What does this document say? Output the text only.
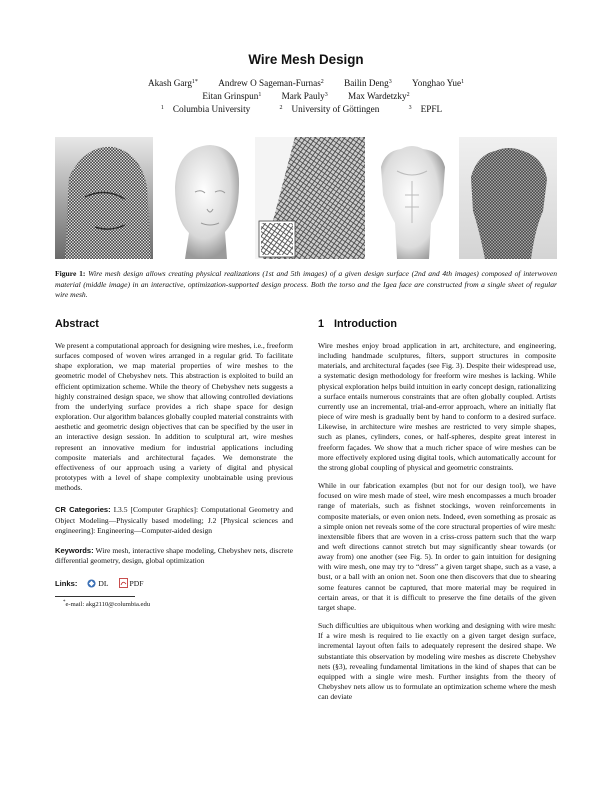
Wire Mesh Design
Akash Garg$^{1*}$ Andrew O Sageman-Furnas$^2$ Bailin Deng$^3$ Yonghao Yue$^1$
Eitan Grinspun$^1$ Mark Pauly$^3$ Max Wardetzky$^2$
$^1$ Columbia University	$^2$ University of Göttingen	$^3$ EPFL
Figure 1: Wire mesh design allows creating physical realizations (1st and 5th images) of a given design surface (2nd and 4th images) composed of interwoven material (middle image) in an interactive, optimization-supported design process. Both the torso and the Igea face are constructed from a single sheet of regular wire mesh.
Abstract

We present a computational approach for designing wire meshes, i.e., freeform surfaces composed of woven wires arranged in a regular grid. To facilitate shape exploration, we map material properties of wire meshes to the geometric model of Chebyshev nets. This abstraction is exploited to build an efficient optimization scheme. While the theory of Chebyshev nets suggests a highly constrained design space, we show that allowing controlled deviations from the underlying surface provides a rich shape space for design exploration. Our algorithm balances globally coupled material constraints with aesthetic and geometric design objectives that can be specified by the user in an interactive design session. In addition to sculptural art, wire meshes represent an innovative medium for industrial applications including composite materials and architectural façades. We demonstrate the effectiveness of our approach using a variety of digital and physical prototypes with a level of shape complexity unobtainable using previous methods.

CR Categories: I.3.5 [Computer Graphics]: Computational Geometry and Object Modeling—Physically based modeling; J.2 [Physical sciences and engineering]: Engineering—Computer-aided design

Keywords: Wire mesh, interactive shape modeling, Chebyshev nets, discrete differential geometry, design, global optimization

Links:	DL	PDF
*e-mail: akg2110@columbia.edu
1 Introduction

Wire meshes enjoy broad application in art, architecture, and engineering, including handmade sculptures, filters, support structures in composite materials, and architectural façades (see Fig. 3). Despite their widespread use, a systematic design methodology for freeform wire meshes is lacking. While physical exploration helps build intuition in early concept design, rationalizing a surface entails numerous constraints that are often globally coupled. Artists currently use an incremental, trial-and-error approach, where an initially flat piece of wire mesh is gradually bent by hand to conform to a desired surface. Likewise, in architecture wire meshes are restricted to very simple shapes, such as planes, cylinders, cones, or half-spheres, despite great interest in freeform façades. We show that a much richer space of wire meshes can be more effectively explored using digital tools, which automatically account for the strong global coupling of physical and geometric constraints.

While in our fabrication examples (but not for our design tool), we have focused on wire mesh made of steel, wire mesh encompasses a much broader range of materials, such as fishnet stockings, woven reinforcements in composite materials, or even onion nets. Indeed, even something as prosaic as a simple onion net reveals some of the core structural properties of wire mesh: inextensible fibers that are woven in a criss-cross pattern such that the warp and weft directions cannot stretch but may significantly shear towards (or away from) one another (see Fig. 5). In order to gain intuition for designing with wire mesh, one may try to “dress” a given target shape, such as a vase, a bust, or a ball with an onion net. Soon one then discovers that due to shearing some features cannot be captured, that more material may be required in certain areas, or that it is difficult to preserve the fine details of the given target shape.

Such difficulties are ubiquitous when working and designing with wire mesh: If a wire mesh is required to lie exactly on a given target design surface, incremental layout often fails to adequately represent the desired shape. We substantiate this observation by modeling wire meshes as discrete Chebyshev nets (§3), revealing fundamental limitations in the kind of shapes that can be equipped with a single wire mesh. Further insights from the theory of Chebyshev nets allow us to formulate an optimization scheme where the mesh can deviate
